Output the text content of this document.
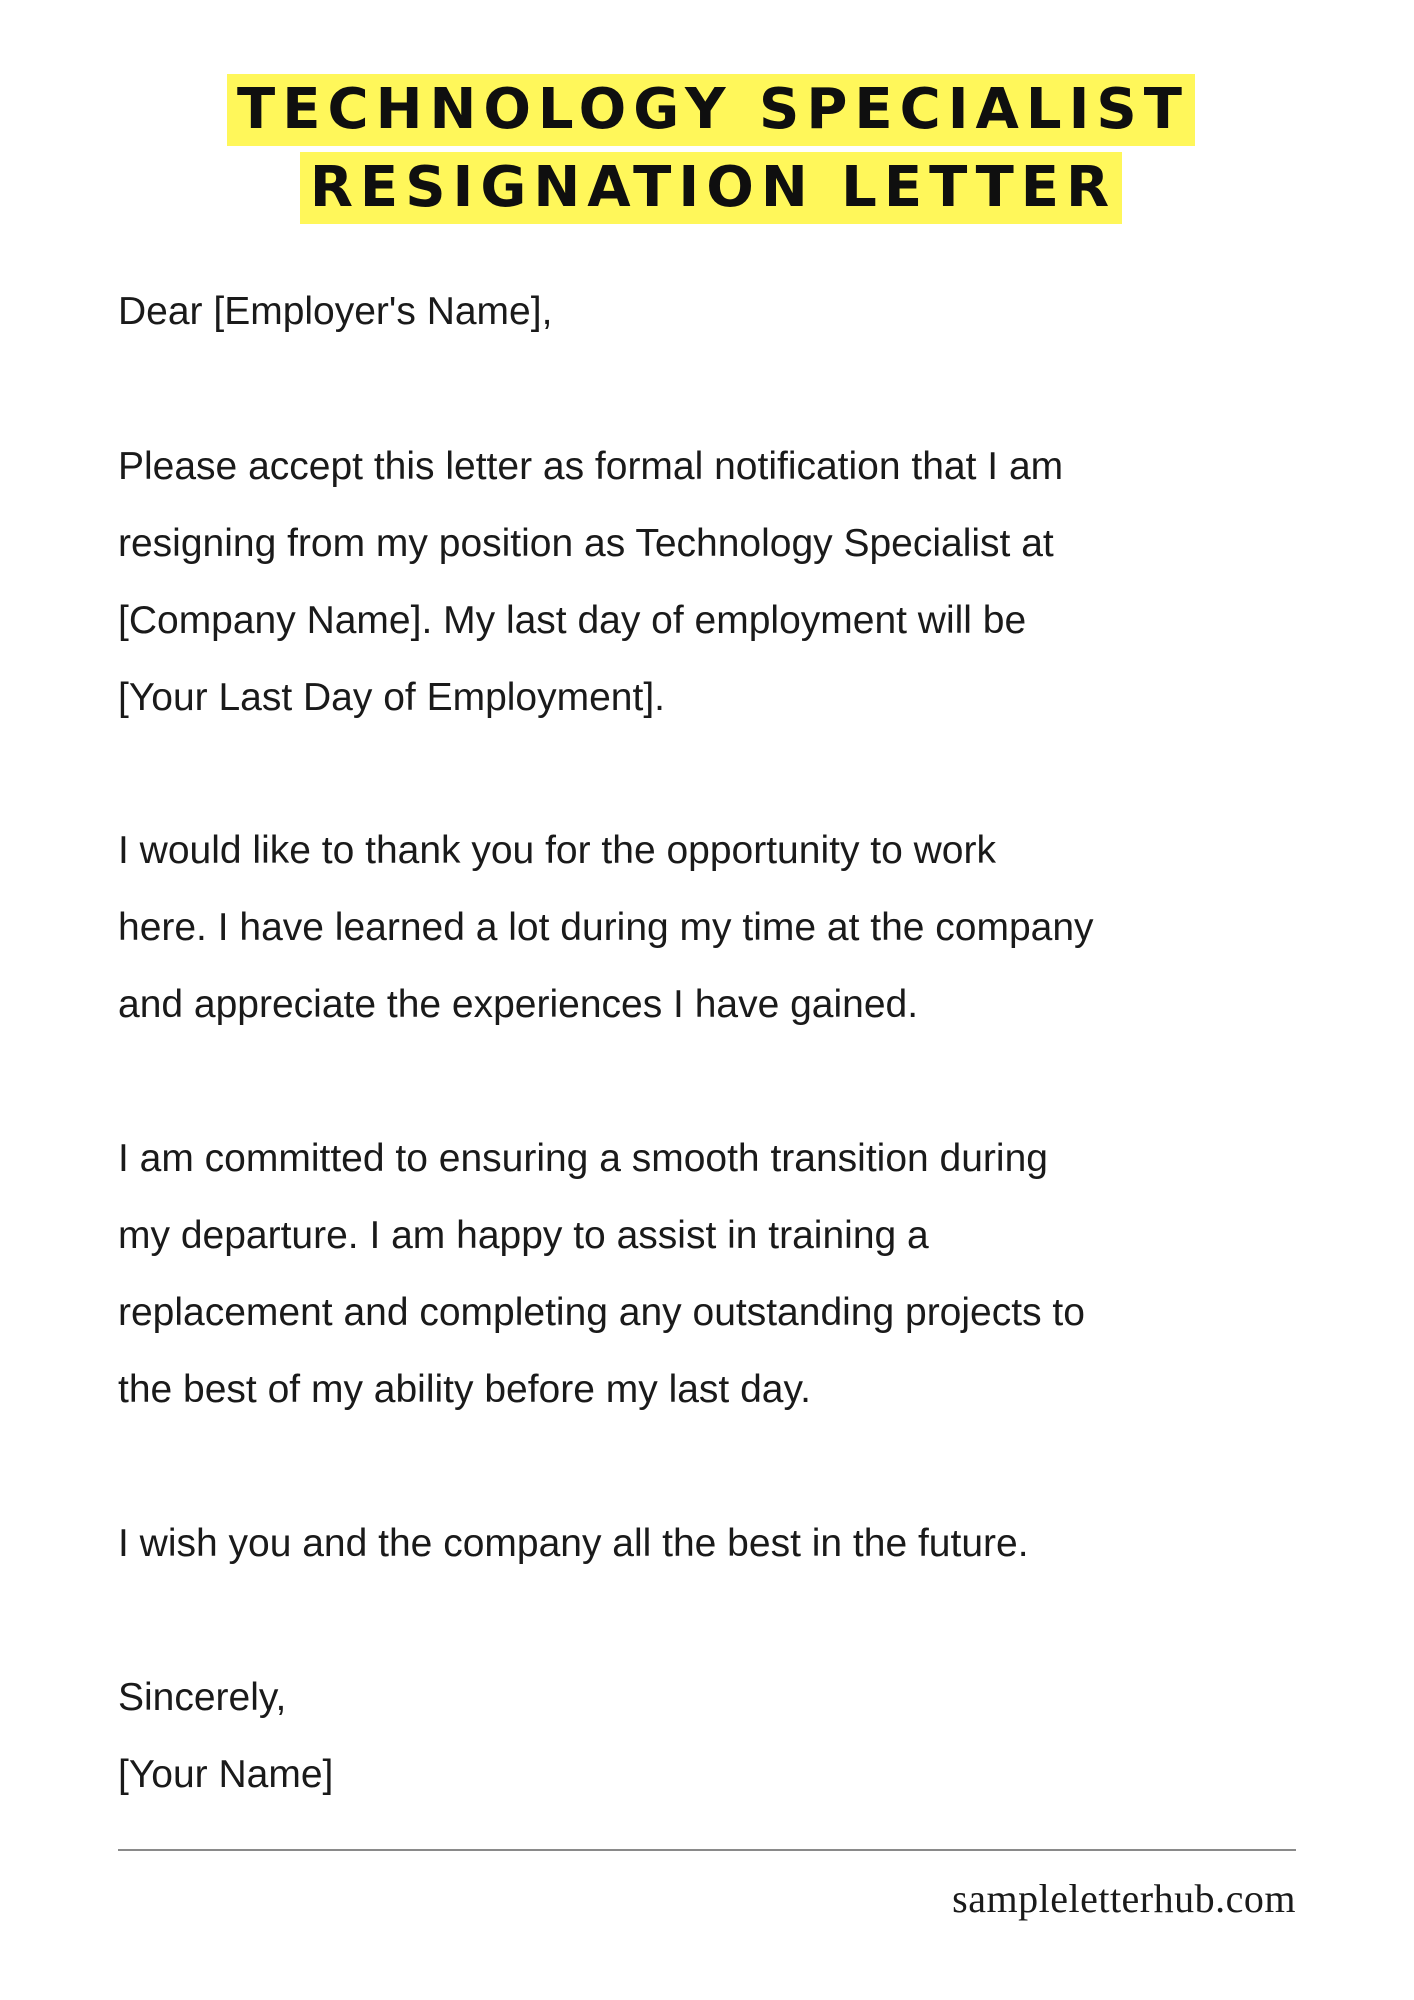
TECHNOLOGY SPECIALIST
RESIGNATION LETTER

Dear [Employer's Name],

Please accept this letter as formal notification that I am

resigning from my position as Technology Specialist at

[Company Name]. My last day of employment will be

[Your Last Day of Employment].

I would like to thank you for the opportunity to work

here. I have learned a lot during my time at the company

and appreciate the experiences I have gained.

I am committed to ensuring a smooth transition during

my departure. I am happy to assist in training a

replacement and completing any outstanding projects to

the best of my ability before my last day.

I wish you and the company all the best in the future.

Sincerely,

[Your Name]

sampleletterhub.com
